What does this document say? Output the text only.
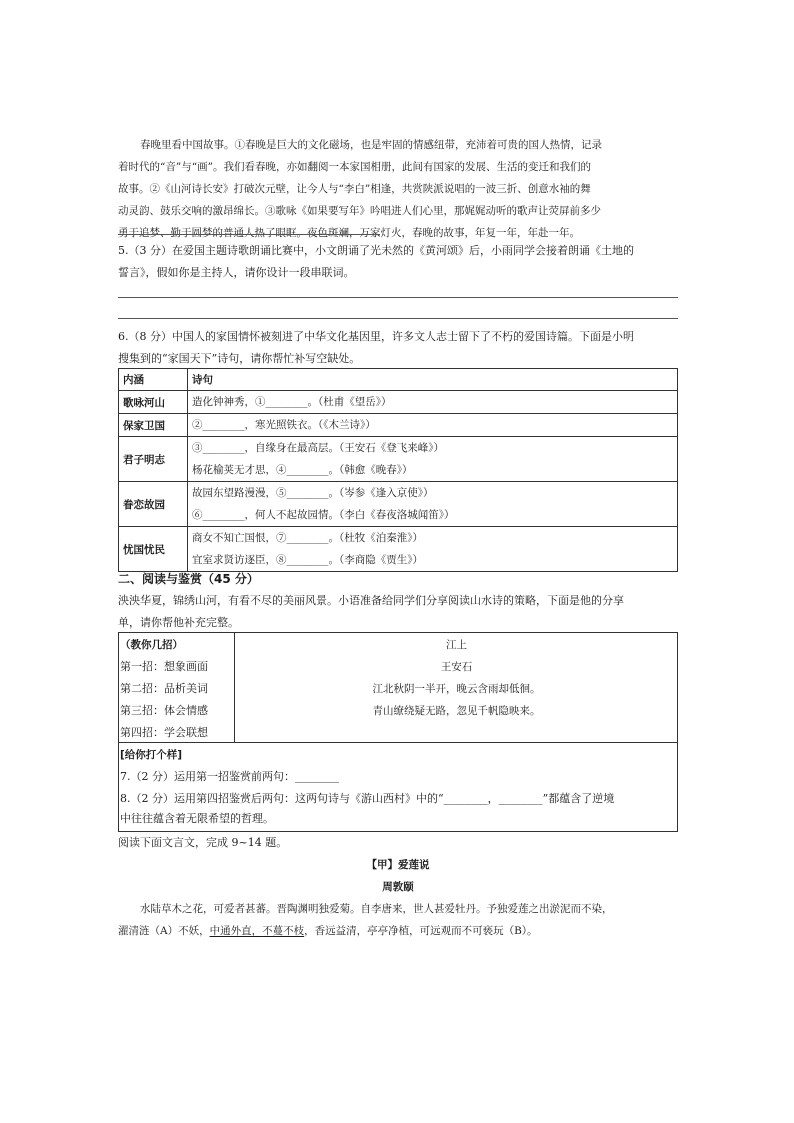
春晚里看中国故事。①春晚是巨大的文化磁场，也是牢固的情感纽带，充沛着可贵的国人热情，记录
着时代的“音”与“画”。我们看春晚，亦如翻阅一本家国相册，此间有国家的发展、生活的变迁和我们的
故事。②《山河诗长安》打破次元壁，让今人与“李白”相逢，共赏陕派说唱的一波三折、创意水袖的舞
动灵韵、鼓乐交响的激昂绵长。③歌咏《如果要写年》吟唱进人们心里，那娓娓动听的歌声让荧屏前多少
勇于追梦、勤于圆梦的普通人热了眼眶。夜色斑斓，万家灯火，春晚的故事，年复一年，年赴一年。
5.（3 分）在爱国主题诗歌朗诵比赛中，小文朗诵了光未然的《黄河颂》后，小雨同学会接着朗诵《土地的
誓言》，假如你是主持人，请你设计一段串联词。
6.（8 分）中国人的家国情怀被刻进了中华文化基因里，许多文人志士留下了不朽的爱国诗篇。下面是小明
搜集到的“家国天下”诗句，请你帮忙补写空缺处。
内涵	诗句
歌咏河山	造化钟神秀，①________。（杜甫《望岳》）

保家卫国	②________，寒光照铁衣。（《木兰诗》）

君子明志	③________，自缘身在最高层。（王安石《登飞来峰》）
杨花榆荚无才思，④________。（韩愈《晚春》）

眷恋故园	故园东望路漫漫，⑤________。（岑参《逢入京使》）
⑥________，何人不起故园情。（李白《春夜洛城闻笛》）

忧国忧民	商女不知亡国恨，⑦________。（杜牧《泊秦淮》）
宜室求贤访逐臣，⑧________。（李商隐《贾生》）
二、阅读与鉴赏（45 分）
泱泱华夏，锦绣山河，有看不尽的美丽风景。小语准备给同学们分享阅读山水诗的策略，下面是他的分享
单，请你帮他补充完整。
（教你几招）
第一招：想象画面
第二招：品析美词
第三招：体会情感
第四招：学会联想
江上
王安石
江北秋阴一半开，晚云含雨却低徊。
青山缭绕疑无路，忽见千帆隐映来。
[给你打个样]
7.（2 分）运用第一招鉴赏前两句：________
8.（2 分）运用第四招鉴赏后两句：这两句诗与《游山西村》中的“________，________”都蕴含了逆境
中往往蕴含着无限希望的哲理。
阅读下面文言文，完成 9~14 题。
【甲】爱莲说
周敦颐
水陆草木之花，可爱者甚蕃。晋陶渊明独爱菊。自李唐来，世人甚爱牡丹。予独爱莲之出淤泥而不染，
濯清涟（A）不妖，中通外直，不蔓不枝，香远益清，亭亭净植，可远观而不可亵玩（B）。
